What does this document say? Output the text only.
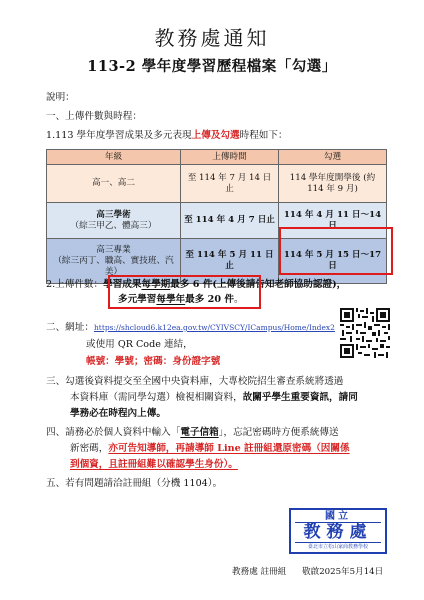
教務處通知
113-2 學年度學習歷程檔案「勾選」
說明：
一、上傳件數與時程：
1.113 學年度學習成果及多元表現上傳及勾選時程如下：
年級	上傳時間	勾選
高一、高二	至 114 年 7 月 14 日止	114 學年度開學後 (約 114 年 9 月)
高三學術
（綜三甲乙、體高三）	至 114 年 4 月 7 日止	114 年 4 月 11 日～14 日
高三專業
（綜三丙丁、職高、實技班、汽美）	至 114 年 5 月 11 日止	114 年 5 月 15 日～17 日
2.上傳件數：學習成果每學期最多 6 件(上傳後請告知老師協助認證)，
多元學習每學年最多 20 件。
二、網址：https://shcloud6.k12ea.gov.tw/CYIVSCY/ICampus/Home/Index2
或使用 QR Code 連結，
帳號：學號；密碼：身份證字號
三、勾選後資料提交至全國中央資料庫，大專校院招生審查系統將透過
本資料庫（需同學勾選）檢視相關資料，故關乎學生重要資訊，請同
學務必在時程內上傳。
四、請務必於個人資料中輸入「電子信箱」，忘記密碼時方便系統傳送
新密碼，亦可告知導師，再請導師 Line 註冊組還原密碼（因關係
到個資，且註冊組難以確認學生身份）。
五、若有問題請洽註冊組（分機 1104）。
國立
教務處
臺北市立松山家商教務學校
教務處 註冊組 敬啟2025年5月14日
